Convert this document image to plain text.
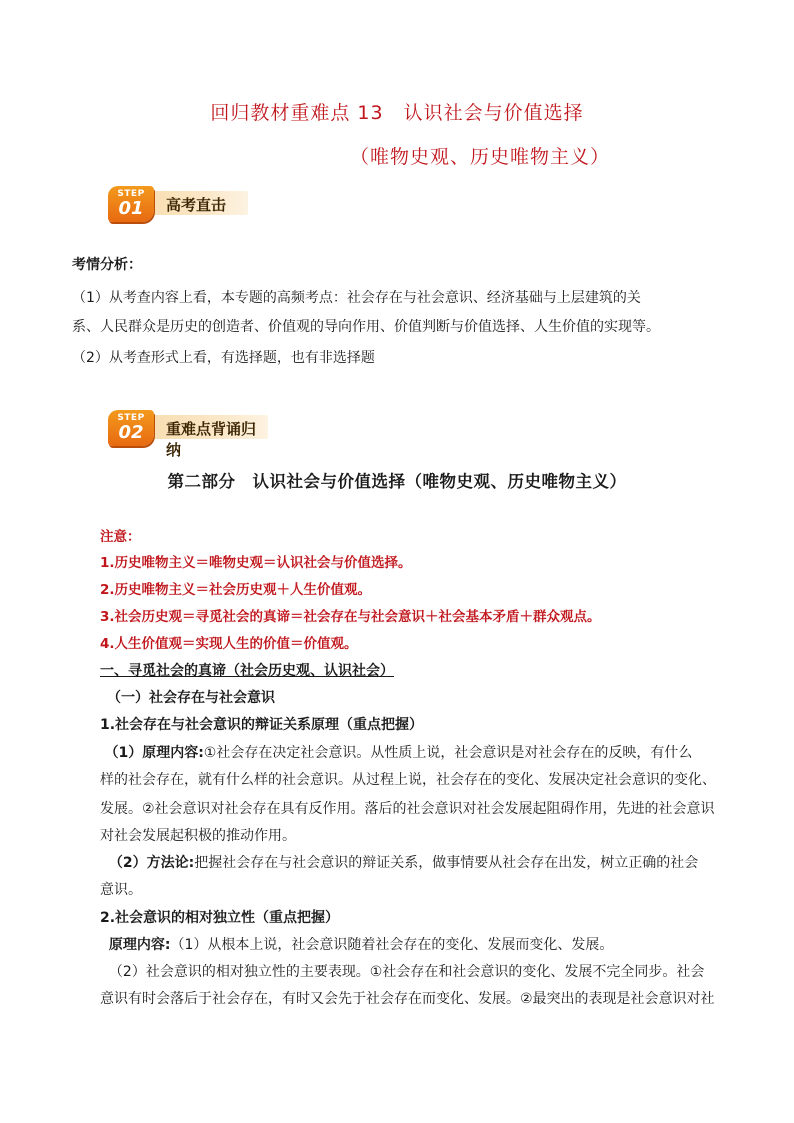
回归教材重难点 13　认识社会与价值选择
（唯物史观、历史唯物主义）
STEP
01	高考直击
考情分析：
（1）从考查内容上看，本专题的高频考点：社会存在与社会意识、经济基础与上层建筑的关
系、人民群众是历史的创造者、价值观的导向作用、价值判断与价值选择、人生价值的实现等。
（2）从考查形式上看，有选择题，也有非选择题
STEP
02	重难点背诵归纳
第二部分　认识社会与价值选择（唯物史观、历史唯物主义）
注意：
1.历史唯物主义＝唯物史观＝认识社会与价值选择。
2.历史唯物主义＝社会历史观＋人生价值观。
3.社会历史观＝寻觅社会的真谛＝社会存在与社会意识＋社会基本矛盾＋群众观点。
4.人生价值观＝实现人生的价值＝价值观。
一、寻觅社会的真谛（社会历史观、认识社会）
（一）社会存在与社会意识
1.社会存在与社会意识的辩证关系原理（重点把握）
（1）原理内容:①社会存在决定社会意识。从性质上说，社会意识是对社会存在的反映，有什么
样的社会存在，就有什么样的社会意识。从过程上说，社会存在的变化、发展决定社会意识的变化、
发展。②社会意识对社会存在具有反作用。落后的社会意识对社会发展起阻碍作用，先进的社会意识
对社会发展起积极的推动作用。
（2）方法论:把握社会存在与社会意识的辩证关系，做事情要从社会存在出发，树立正确的社会
意识。
2.社会意识的相对独立性（重点把握）
原理内容:（1）从根本上说，社会意识随着社会存在的变化、发展而变化、发展。
（2）社会意识的相对独立性的主要表现。①社会存在和社会意识的变化、发展不完全同步。社会
意识有时会落后于社会存在，有时又会先于社会存在而变化、发展。②最突出的表现是社会意识对社
